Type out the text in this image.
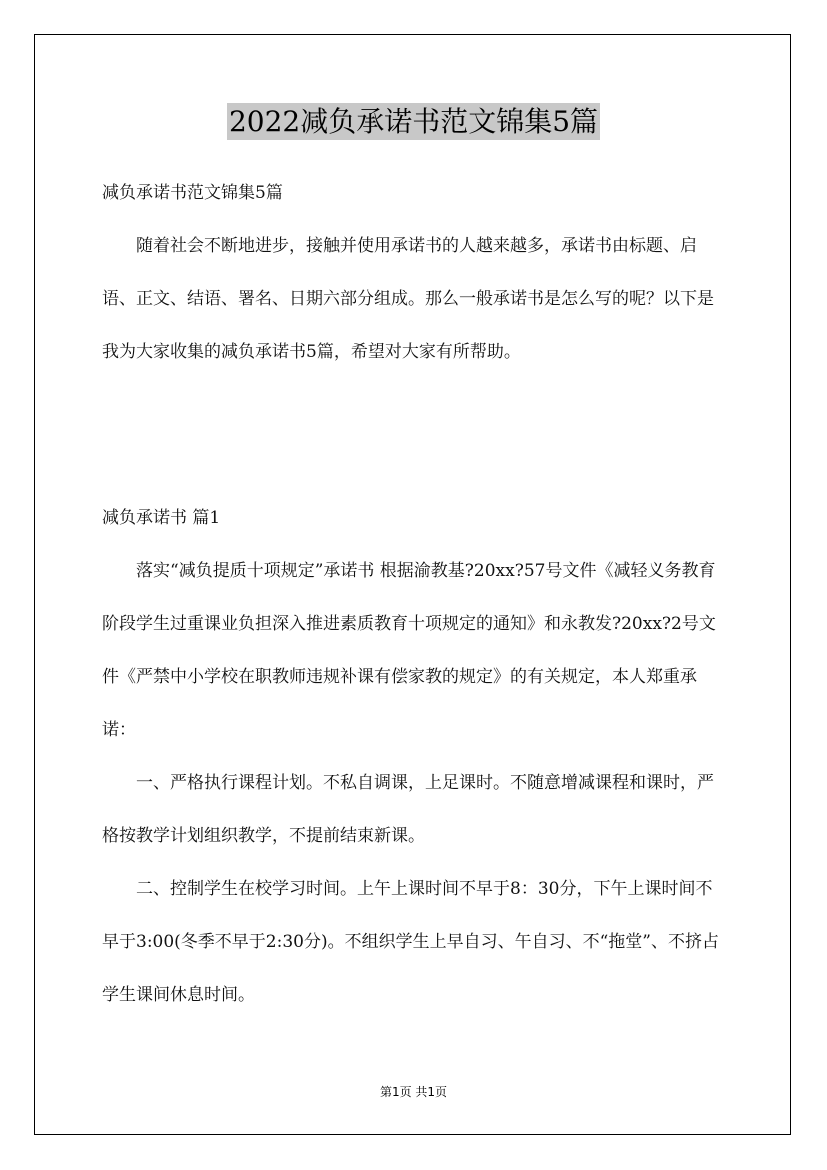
2022减负承诺书范文锦集5篇

减负承诺书范文锦集5篇

随着社会不断地进步，接触并使用承诺书的人越来越多，承诺书由标题、启语、正文、结语、署名、日期六部分组成。那么一般承诺书是怎么写的呢？以下是我为大家收集的减负承诺书5篇，希望对大家有所帮助。

减负承诺书 篇1

落实“减负提质十项规定”承诺书 根据渝教基?20xx?57号文件《减轻义务教育阶段学生过重课业负担深入推进素质教育十项规定的通知》和永教发?20xx?2号文件《严禁中小学校在职教师违规补课有偿家教的规定》的有关规定，本人郑重承诺：

一、严格执行课程计划。不私自调课，上足课时。不随意增减课程和课时，严格按教学计划组织教学，不提前结束新课。

二、控制学生在校学习时间。上午上课时间不早于8：30分，下午上课时间不早于3:00(冬季不早于2:30分)。不组织学生上早自习、午自习、不“拖堂”、不挤占学生课间休息时间。

第1页 共1页
